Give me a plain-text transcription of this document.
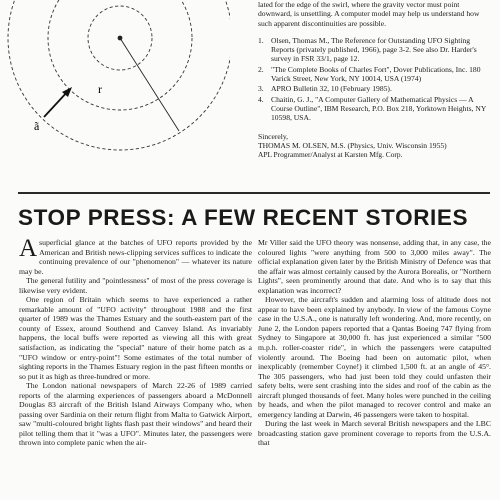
r
ã

lated for the edge of the swirl, where the gravity vector must point downward, is unsettling. A computer model may help us understand how such apparent discontinuities are possible.

1. Olsen, Thomas M., The Reference for Outstanding UFO Sighting Reports (privately published, 1966), page 3-2. See also Dr. Harder's survey in FSR 33/1, page 12.
2. "The Complete Books of Charles Fort", Dover Publications, Inc. 180 Varick Street, New York, NY 10014, USA (1974)
3. APRO Bulletin 32, 10 (February 1985).
4. Chaitin, G. J., "A Computer Gallery of Mathematical Physics — A Course Outline", IBM Research, P.O. Box 218, Yorktown Heights, NY 10598, USA.

Sincerely,

THOMAS M. OLSEN, M.S. (Physics, Univ. Wisconsin 1955)

APL Programmer/Analyst at Karsten Mfg. Corp.

STOP PRESS: A FEW RECENT STORIES

Asuperficial glance at the batches of UFO reports provided by the American and British news-clipping services suffices to indicate the continuing prevalence of our "phenomenon" — whatever its nature may be.

The general futility and "pointlessness" of most of the press coverage is likewise very evident.

One region of Britain which seems to have experienced a rather remarkable amount of "UFO activity" throughout 1988 and the first quarter of 1989 was the Thames Estuary and the south-eastern part of the county of Essex, around Southend and Canvey Island. As invariably happens, the local buffs were reported as viewing all this with great satisfaction, as indicating the "special" nature of their home patch as a "UFO window or entry-point"! Some estimates of the total number of sighting reports in the Thames Estuary region in the past fifteen months or so put it as high as three-hundred or more.

The London national newspapers of March 22-26 of 1989 carried reports of the alarming experiences of passengers aboard a McDonnell Douglas 83 aircraft of the British Island Airways Company who, when passing over Sardinia on their return flight from Malta to Gatwick Airport, saw "multi-coloured bright lights flash past their windows" and heard their pilot telling them that it "was a UFO". Minutes later, the passengers were thrown into complete panic when the air-

Mr Viller said the UFO theory was nonsense, adding that, in any case, the coloured lights "were anything from 500 to 3,000 miles away". The official explanation given later by the British Ministry of Defence was that the affair was almost certainly caused by the Aurora Borealis, or "Northern Lights", seen prominently around that date. And who is to say that this explanation was incorrect?

However, the aircraft's sudden and alarming loss of altitude does not appear to have been explained by anybody. In view of the famous Coyne case in the U.S.A., one is naturally left wondering. And, more recently, on June 2, the London papers reported that a Qantas Boeing 747 flying from Sydney to Singapore at 30,000 ft. has just experienced a similar "500 m.p.h. roller-coaster ride", in which the passengers were catapulted violently around. The Boeing had been on automatic pilot, when inexplicably (remember Coyne!) it climbed 1,500 ft. at an angle of 45°. The 305 passengers, who had just been told they could unfasten their safety belts, were sent crashing into the sides and roof of the cabin as the aircraft plunged thousands of feet. Many holes were punched in the ceiling by heads, and when the pilot managed to recover control and make an emergency landing at Darwin, 46 passengers were taken to hospital.

During the last week in March several British newspapers and the LBC broadcasting station gave prominent coverage to reports from the U.S.A. that
